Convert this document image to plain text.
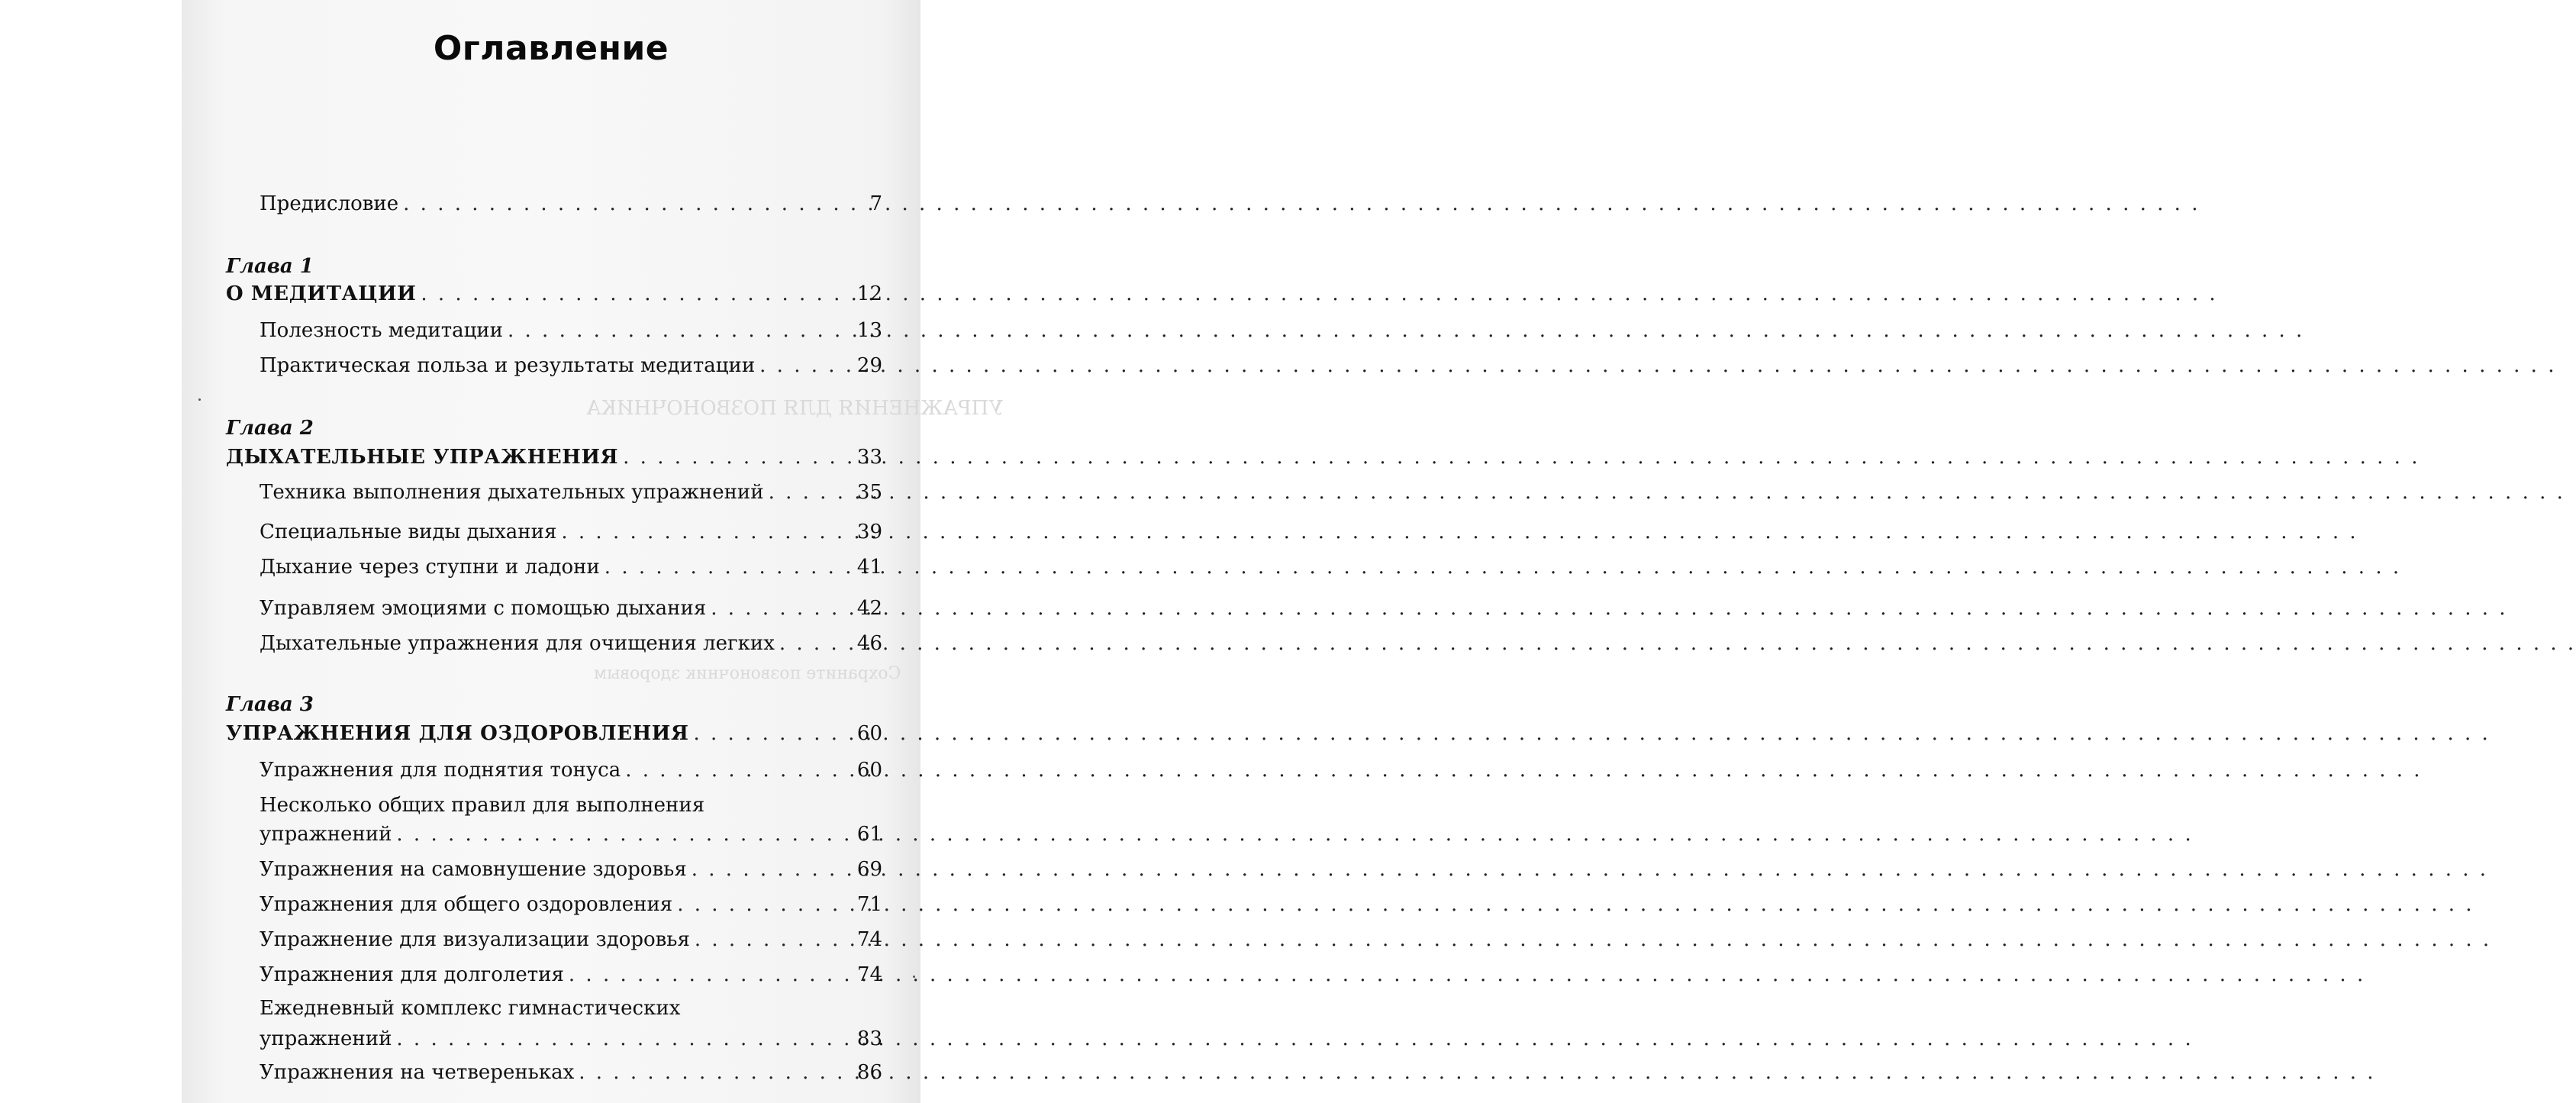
УПРАЖНЕНИЯ ДЛЯ ПОЗВОНОЧНИКА
Сохраните позвоночник здоровым
Оглавление
Предисловие . . .	7
Глава 1
О МЕДИТАЦИИ . . .	12
Полезность медитации . . .	13
Практическая польза и результаты медитации . . .	29
Глава 2
ДЫХАТЕЛЬНЫЕ УПРАЖНЕНИЯ . . .	33
Техника выполнения дыхательных упражнений . . .	35
Специальные виды дыхания . . .	39
Дыхание через ступни и ладони . . .	41
Управляем эмоциями с помощью дыхания . . .	42
Дыхательные упражнения для очищения легких . . .	46
Глава 3
УПРАЖНЕНИЯ ДЛЯ ОЗДОРОВЛЕНИЯ . . .	60
Упражнения для поднятия тонуса . . .	60
Несколько общих правил для выполнения
упражнений . . .	61
Упражнения на самовнушение здоровья . . .	69
Упражнения для общего оздоровления . . .	71
Упражнение для визуализации здоровья . . .	74
Упражнения для долголетия . . .	74
Ежедневный комплекс гимнастических
упражнений . . .	83
Упражнения на четвереньках . . .	86
